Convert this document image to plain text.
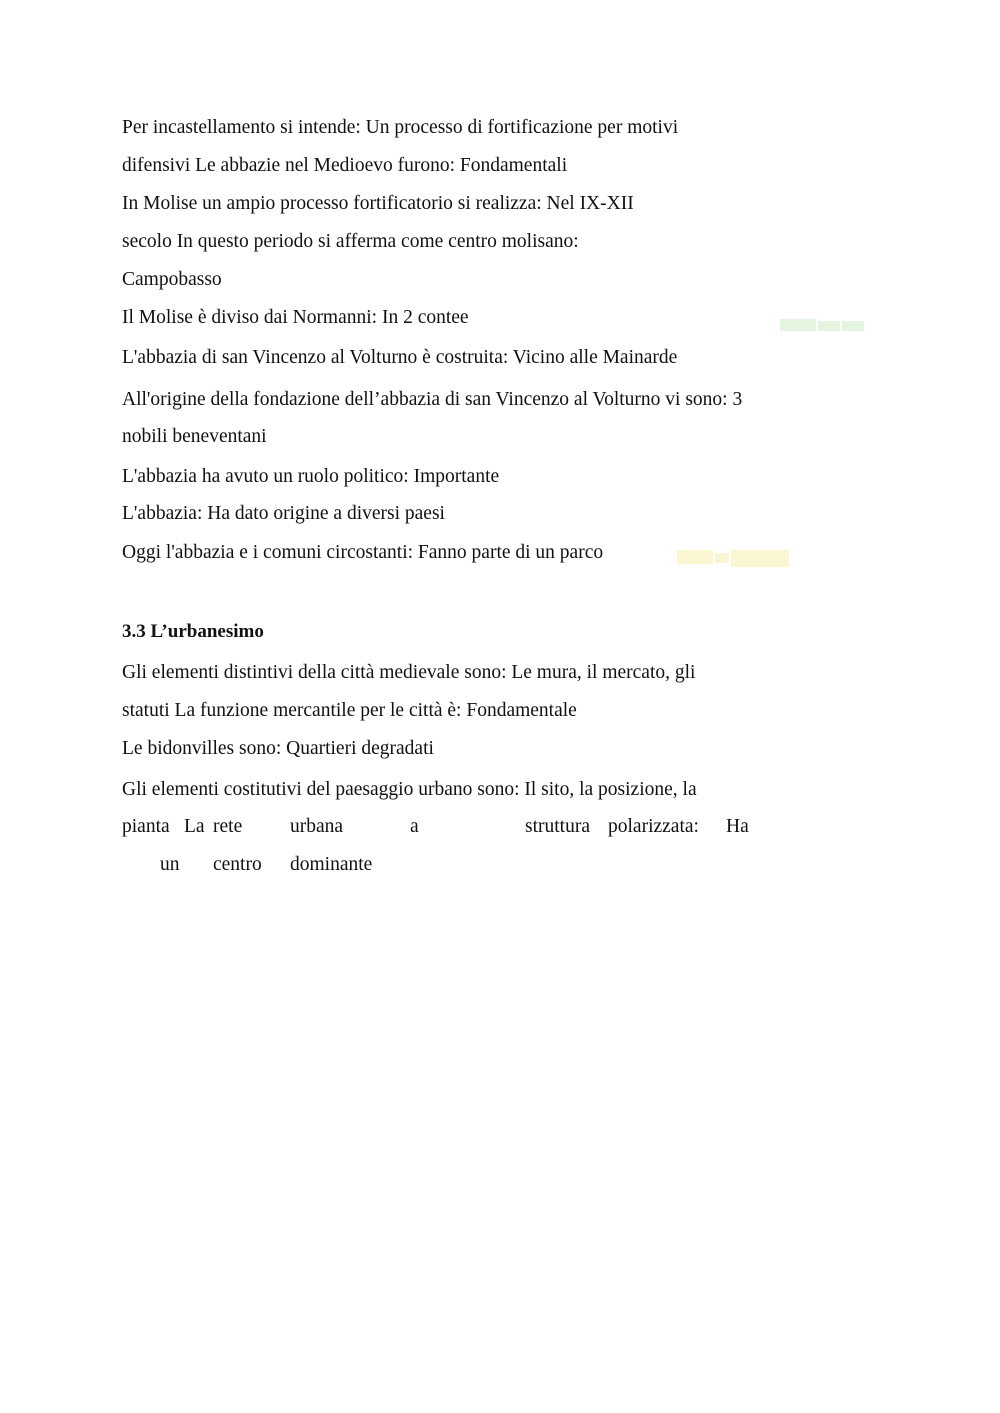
Per incastellamento si intende: Un processo di fortificazione per motivi
difensivi Le abbazie nel Medioevo furono: Fondamentali
In Molise un ampio processo fortificatorio si realizza: Nel IX-XII
secolo In questo periodo si afferma come centro molisano:
Campobasso
Il Molise è diviso dai Normanni: In 2 contee
L'abbazia di san Vincenzo al Volturno è costruita: Vicino alle Mainarde
All'origine della fondazione dell’abbazia di san Vincenzo al Volturno vi sono: 3
nobili beneventani
L'abbazia ha avuto un ruolo politico: Importante
L'abbazia: Ha dato origine a diversi paesi
Oggi l'abbazia e i comuni circostanti: Fanno parte di un parco
3.3 L’urbanesimo
Gli elementi distintivi della città medievale sono: Le mura, il mercato, gli
statuti La funzione mercantile per le città è: Fondamentale
Le bidonvilles sono: Quartieri degradati
Gli elementi costitutivi del paesaggio urbano sono: Il sito, la posizione, la
pianta La rete urbana	a	struttura polarizzata: Ha
un centro dominante
